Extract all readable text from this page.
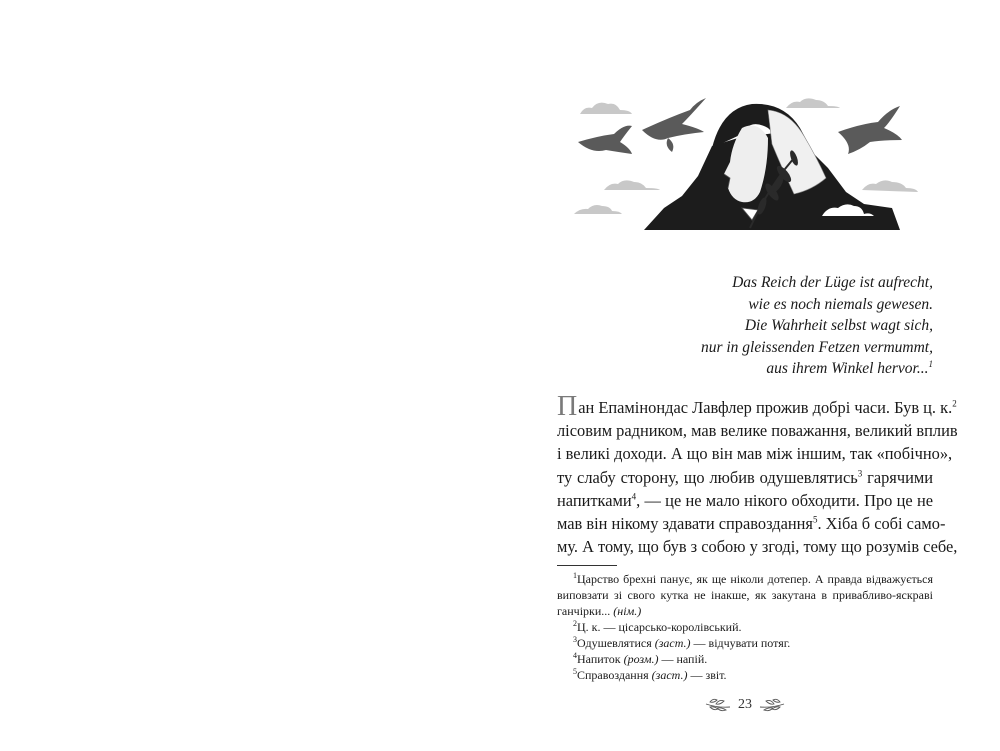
Das Reich der Lüge ist aufrecht,
wie es noch niemals gewesen.
Die Wahrheit selbst wagt sich,
nur in gleissenden Fetzen vermummt,
aus ihrem Winkel hervor...$^1$
Пан Епамінондас Лавфлер прожив добрі часи. Був ц. к.$^2$
лісовим радником, мав велике поважання, великий вплив
і великі доходи. А що він мав між іншим, так «побічно»,
ту слабу сторону, що любив одушевлятись$^3$ гарячими
напитками$^4$, — це не мало нікого обходити. Про це не
мав він нікому здавати справоздання$^5$. Хіба б собі само-
му. А тому, що був з собою у згоді, тому що розумів себе,
$^1$Царство брехні панує, як ще ніколи дотепер. А правда відважується
виповзати зі свого кутка не інакше, як закутана в привабливо-яскраві
ганчірки... (нім.)
$^2$Ц. к. — цісарсько-королівський.
$^3$Одушевлятися (заст.) — відчувати потяг.
$^4$Напиток (розм.) — напій.
$^5$Справоздання (заст.) — звіт.
23
